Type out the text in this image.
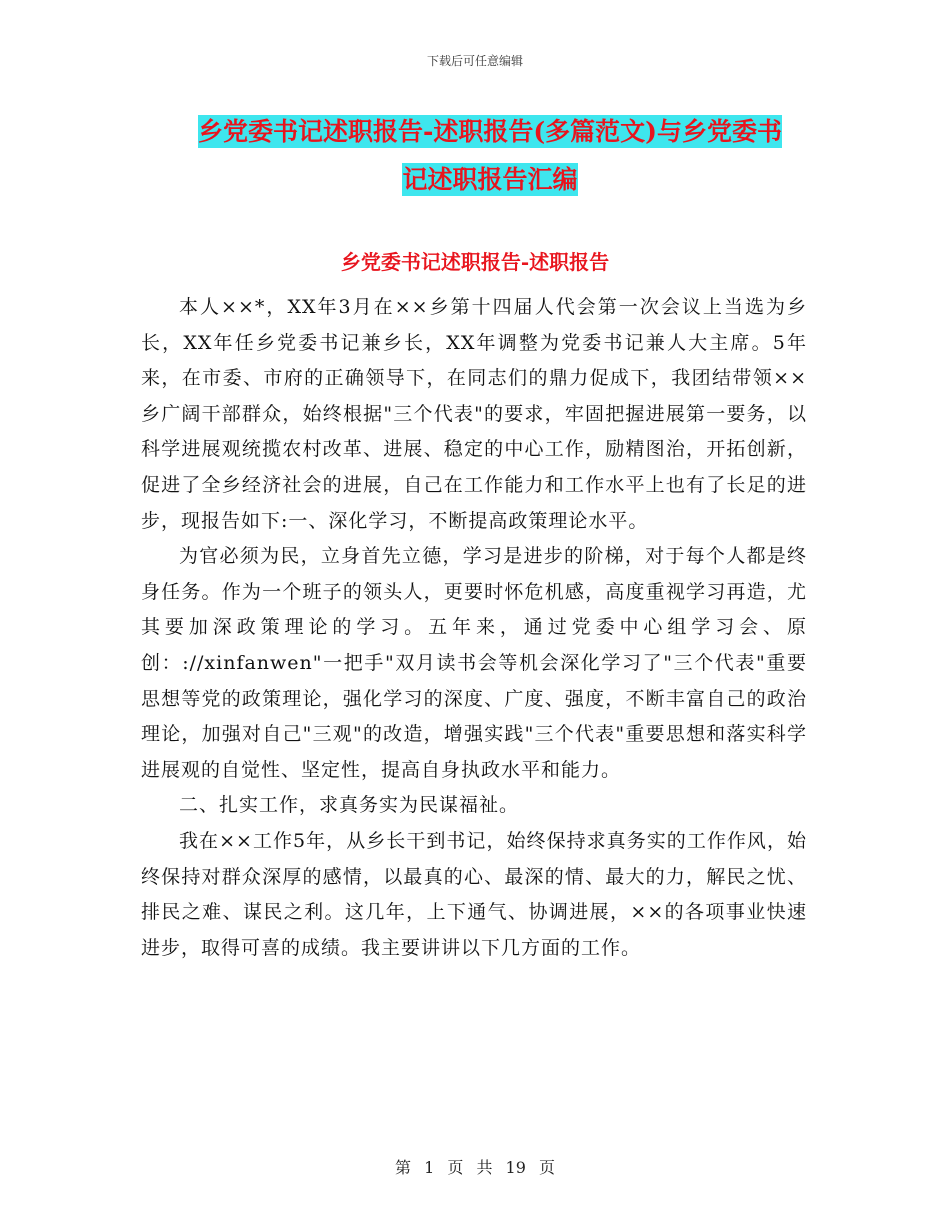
下载后可任意编辑
乡党委书记述职报告-述职报告(多篇范文)与乡党委书
记述职报告汇编
乡党委书记述职报告-述职报告

本人××*，XX年3月在××乡第十四届人代会第一次会议上当选为乡长，XX年任乡党委书记兼乡长，XX年调整为党委书记兼人大主席。5年来，在市委、市府的正确领导下，在同志们的鼎力促成下，我团结带领××乡广阔干部群众，始终根据"三个代表"的要求，牢固把握进展第一要务，以科学进展观统揽农村改革、进展、稳定的中心工作，励精图治，开拓创新，促进了全乡经济社会的进展，自己在工作能力和工作水平上也有了长足的进步，现报告如下:一、深化学习，不断提高政策理论水平。

为官必须为民，立身首先立德，学习是进步的阶梯，对于每个人都是终身任务。作为一个班子的领头人，更要时怀危机感，高度重视学习再造，尤其要加深政策理论的学习。五年来，通过党委中心组学习会、原创：://xinfanwen"一把手"双月读书会等机会深化学习了"三个代表"重要思想等党的政策理论，强化学习的深度、广度、强度，不断丰富自己的政治理论，加强对自己"三观"的改造，增强实践"三个代表"重要思想和落实科学进展观的自觉性、坚定性，提高自身执政水平和能力。

二、扎实工作，求真务实为民谋福祉。

我在××工作5年，从乡长干到书记，始终保持求真务实的工作作风，始终保持对群众深厚的感情，以最真的心、最深的情、最大的力，解民之忧、排民之难、谋民之利。这几年，上下通气、协调进展，××的各项事业快速进步，取得可喜的成绩。我主要讲讲以下几方面的工作。

第 1 页 共 19 页
